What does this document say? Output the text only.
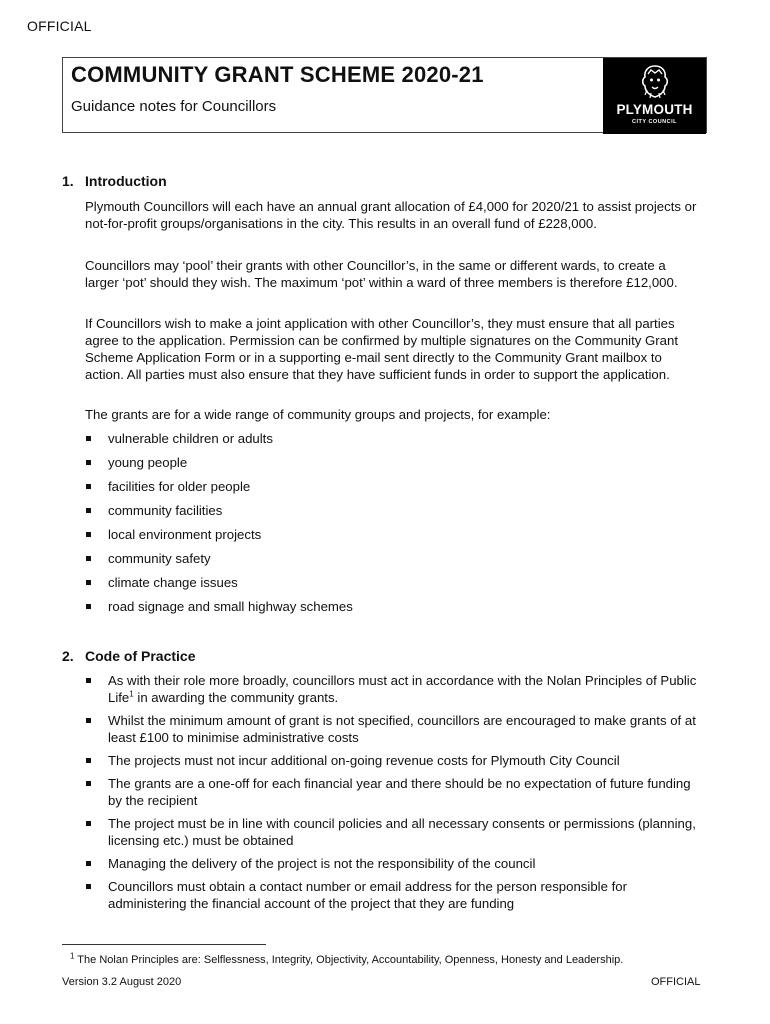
OFFICIAL
COMMUNITY GRANT SCHEME 2020-21
Guidance notes for Councillors	PLYMOUTH
CITY COUNCIL
1. Introduction

Plymouth Councillors will each have an annual grant allocation of £4,000 for 2020/21 to assist projects or not-for-profit groups/organisations in the city. This results in an overall fund of £228,000.

Councillors may ‘pool’ their grants with other Councillor’s, in the same or different wards, to create a larger ‘pot’ should they wish. The maximum ‘pot’ within a ward of three members is therefore £12,000.

If Councillors wish to make a joint application with other Councillor’s, they must ensure that all parties agree to the application. Permission can be confirmed by multiple signatures on the Community Grant Scheme Application Form or in a supporting e-mail sent directly to the Community Grant mailbox to action. All parties must also ensure that they have sufficient funds in order to support the application.

The grants are for a wide range of community groups and projects, for example:

vulnerable children or adults
young people
facilities for older people
community facilities
local environment projects
community safety
climate change issues
road signage and small highway schemes
2. Code of Practice
As with their role more broadly, councillors must act in accordance with the Nolan Principles of Public Life$^1$ in awarding the community grants.
Whilst the minimum amount of grant is not specified, councillors are encouraged to make grants of at least £100 to minimise administrative costs
The projects must not incur additional on-going revenue costs for Plymouth City Council
The grants are a one-off for each financial year and there should be no expectation of future funding by the recipient
The project must be in line with council policies and all necessary consents or permissions (planning, licensing etc.) must be obtained
Managing the delivery of the project is not the responsibility of the council
Councillors must obtain a contact number or email address for the person responsible for administering the financial account of the project that they are funding
$^1$ The Nolan Principles are: Selflessness, Integrity, Objectivity, Accountability, Openness, Honesty and Leadership.
Version 3.2 August 2020	OFFICIAL
